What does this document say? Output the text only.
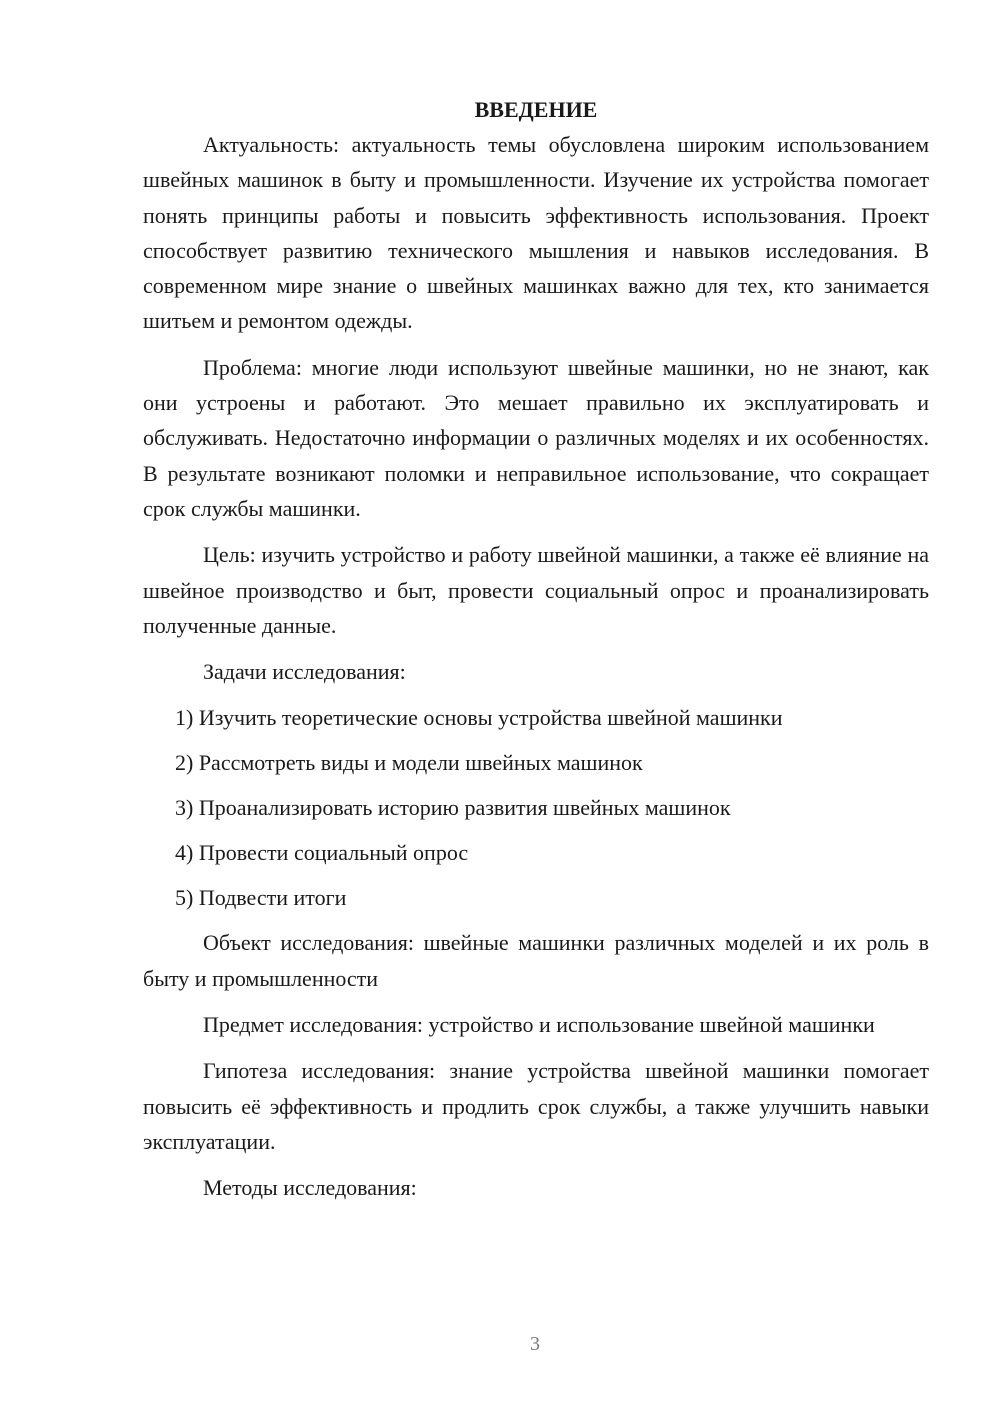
ВВЕДЕНИЕ

Актуальность: актуальность темы обусловлена широким использованием швейных машинок в быту и промышленности. Изучение их устройства помогает понять принципы работы и повысить эффективность использования. Проект способствует развитию технического мышления и навыков исследования. В современном мире знание о швейных машинках важно для тех, кто занимается шитьем и ремонтом одежды.

Проблема: многие люди используют швейные машинки, но не знают, как они устроены и работают. Это мешает правильно их эксплуатировать и обслуживать. Недостаточно информации о различных моделях и их особенностях. В результате возникают поломки и неправильное использование, что сокращает срок службы машинки.

Цель: изучить устройство и работу швейной машинки, а также её влияние на швейное производство и быт, провести социальный опрос и проанализировать полученные данные.

Задачи исследования:

1) Изучить теоретические основы устройства швейной машинки
2) Рассмотреть виды и модели швейных машинок
3) Проанализировать историю развития швейных машинок
4) Провести социальный опрос
5) Подвести итоги

Объект исследования: швейные машинки различных моделей и их роль в быту и промышленности

Предмет исследования: устройство и использование швейной машинки

Гипотеза исследования: знание устройства швейной машинки помогает повысить её эффективность и продлить срок службы, а также улучшить навыки эксплуатации.

Методы исследования:

3
